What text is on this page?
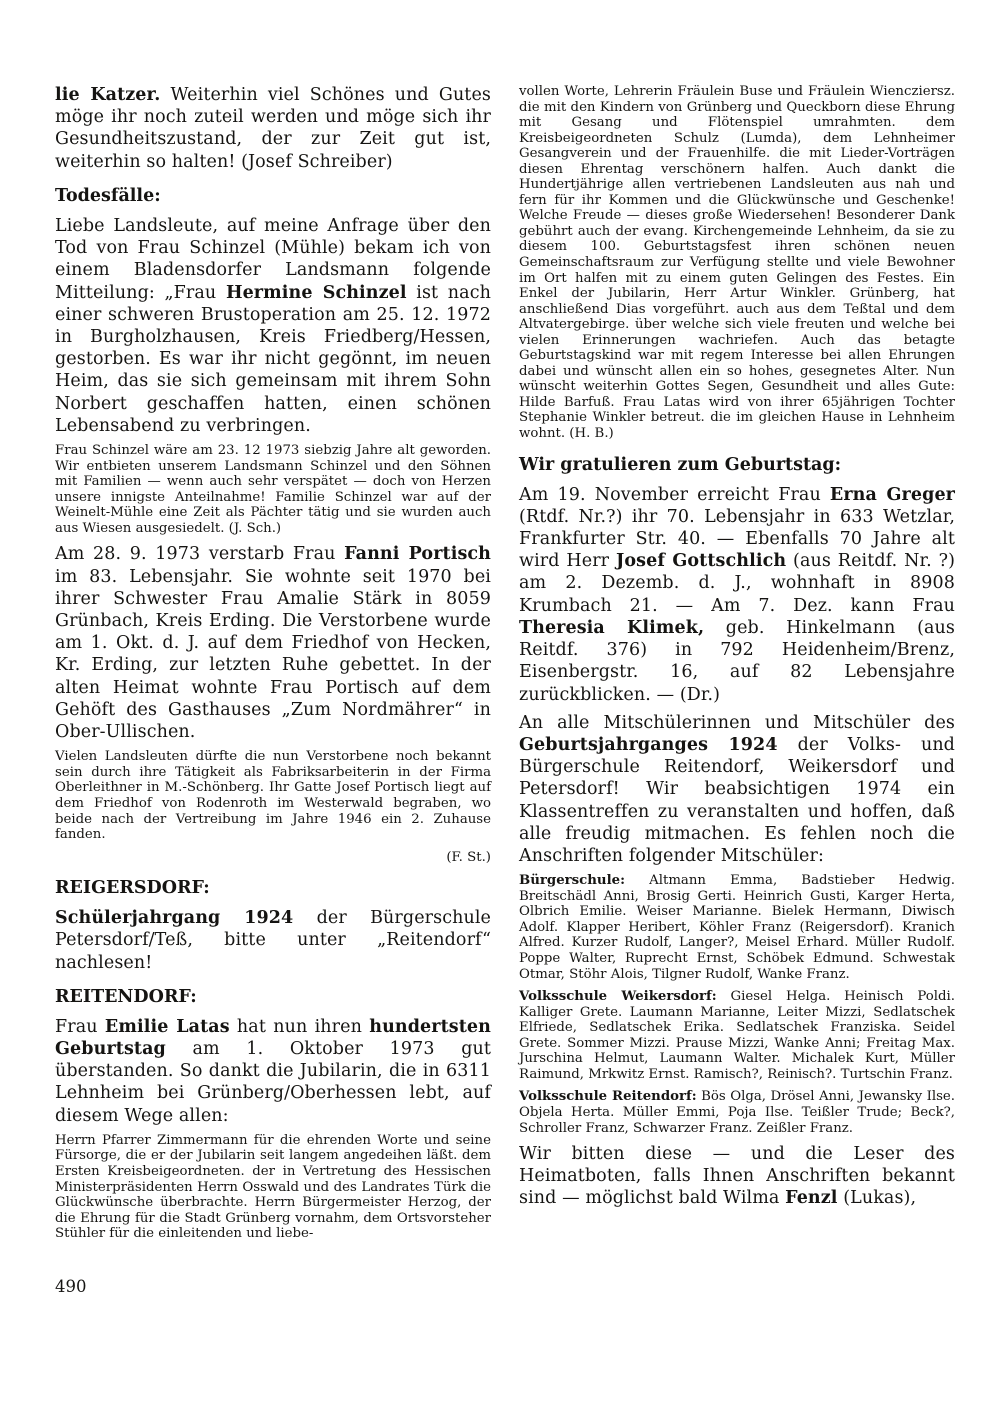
lie Katzer. Weiterhin viel Schönes und Gutes möge ihr noch zuteil werden und möge sich ihr Gesundheitszustand, der zur Zeit gut ist, weiterhin so halten! (Josef Schreiber)
Todesfälle:
Liebe Landsleute, auf meine Anfrage über den Tod von Frau Schinzel (Mühle) bekam ich von einem Bladensdorfer Landsmann folgende Mitteilung: „Frau Hermine Schinzel ist nach einer schweren Brustoperation am 25. 12. 1972 in Burgholzhausen, Kreis Friedberg/Hessen, gestorben. Es war ihr nicht gegönnt, im neuen Heim, das sie sich gemeinsam mit ihrem Sohn Norbert geschaffen hatten, einen schönen Lebensabend zu verbringen.
Frau Schinzel wäre am 23. 12 1973 siebzig Jahre alt geworden. Wir entbieten unserem Landsmann Schinzel und den Söhnen mit Familien — wenn auch sehr verspätet — doch von Herzen unsere innigste Anteilnahme! Familie Schinzel war auf der Weinelt-Mühle eine Zeit als Pächter tätig und sie wurden auch aus Wiesen ausgesiedelt. (J. Sch.)
Am 28. 9. 1973 verstarb Frau Fanni Portisch im 83. Lebensjahr. Sie wohnte seit 1970 bei ihrer Schwester Frau Amalie Stärk in 8059 Grünbach, Kreis Erding. Die Verstorbene wurde am 1. Okt. d. J. auf dem Friedhof von Hecken, Kr. Erding, zur letzten Ruhe gebettet. In der alten Heimat wohnte Frau Portisch auf dem Gehöft des Gasthauses „Zum Nordmährer“ in Ober-Ullischen.
Vielen Landsleuten dürfte die nun Verstorbene noch bekannt sein durch ihre Tätigkeit als Fabriksarbeiterin in der Firma Oberleithner in M.-Schönberg. Ihr Gatte Josef Portisch liegt auf dem Friedhof von Rodenroth im Westerwald begraben, wo beide nach der Vertreibung im Jahre 1946 ein 2. Zuhause fanden.
(F. St.)
REIGERSDORF:
Schülerjahrgang 1924 der Bürgerschule Petersdorf/Teß, bitte unter „Reitendorf“ nachlesen!
REITENDORF:
Frau Emilie Latas hat nun ihren hundertsten Geburtstag am 1. Oktober 1973 gut überstanden. So dankt die Jubilarin, die in 6311 Lehnheim bei Grünberg/Oberhessen lebt, auf diesem Wege allen:
Herrn Pfarrer Zimmermann für die ehrenden Worte und seine Fürsorge, die er der Jubilarin seit langem angedeihen läßt. dem Ersten Kreisbeigeordneten. der in Vertretung des Hessischen Ministerpräsidenten Herrn Osswald und des Landrates Türk die Glückwünsche überbrachte. Herrn Bürgermeister Herzog, der die Ehrung für die Stadt Grünberg vornahm, dem Ortsvorsteher Stühler für die einleitenden und liebe-
vollen Worte, Lehrerin Fräulein Buse und Fräulein Wiencziersz. die mit den Kindern von Grünberg und Queckborn diese Ehrung mit Gesang und Flötenspiel umrahmten. dem Kreisbeigeordneten Schulz (Lumda), dem Lehnheimer Gesangverein und der Frauenhilfe. die mit Lieder-Vorträgen diesen Ehrentag verschönern halfen. Auch dankt die Hundertjährige allen vertriebenen Landsleuten aus nah und fern für ihr Kommen und die Glückwünsche und Geschenke! Welche Freude — dieses große Wiedersehen! Besonderer Dank gebührt auch der evang. Kirchengemeinde Lehnheim, da sie zu diesem 100. Geburtstagsfest ihren schönen neuen Gemeinschaftsraum zur Verfügung stellte und viele Bewohner im Ort halfen mit zu einem guten Gelingen des Festes. Ein Enkel der Jubilarin, Herr Artur Winkler. Grünberg, hat anschließend Dias vorgeführt. auch aus dem Teßtal und dem Altvatergebirge. über welche sich viele freuten und welche bei vielen Erinnerungen wachriefen. Auch das betagte Geburtstagskind war mit regem Interesse bei allen Ehrungen dabei und wünscht allen ein so hohes, gesegnetes Alter. Nun wünscht weiterhin Gottes Segen, Gesundheit und alles Gute: Hilde Barfuß. Frau Latas wird von ihrer 65jährigen Tochter Stephanie Winkler betreut. die im gleichen Hause in Lehnheim wohnt. (H. B.)
Wir gratulieren zum Geburtstag:
Am 19. November erreicht Frau Erna Greger (Rtdf. Nr.?) ihr 70. Lebensjahr in 633 Wetzlar, Frankfurter Str. 40. — Ebenfalls 70 Jahre alt wird Herr Josef Gottschlich (aus Reitdf. Nr. ?) am 2. Dezemb. d. J., wohnhaft in 8908 Krumbach 21. — Am 7. Dez. kann Frau Theresia Klimek, geb. Hinkelmann (aus Reitdf. 376) in 792 Heidenheim/Brenz, Eisenbergstr. 16, auf 82 Lebensjahre zurückblicken. — (Dr.)
An alle Mitschülerinnen und Mitschüler des Geburtsjahrganges 1924 der Volks- und Bürgerschule Reitendorf, Weikersdorf und Petersdorf! Wir beabsichtigen 1974 ein Klassentreffen zu veranstalten und hoffen, daß alle freudig mitmachen. Es fehlen noch die Anschriften folgender Mitschüler:
Bürgerschule: Altmann Emma, Badstieber Hedwig. Breitschädl Anni, Brosig Gerti. Heinrich Gusti, Karger Herta, Olbrich Emilie. Weiser Marianne. Bielek Hermann, Diwisch Adolf. Klapper Heribert, Köhler Franz (Reigersdorf). Kranich Alfred. Kurzer Rudolf, Langer?, Meisel Erhard. Müller Rudolf. Poppe Walter, Ruprecht Ernst, Schöbek Edmund. Schwestak Otmar, Stöhr Alois, Tilgner Rudolf, Wanke Franz.
Volksschule Weikersdorf: Giesel Helga. Heinisch Poldi. Kalliger Grete. Laumann Marianne, Leiter Mizzi, Sedlatschek Elfriede, Sedlatschek Erika. Sedlatschek Franziska. Seidel Grete. Sommer Mizzi. Prause Mizzi, Wanke Anni; Freitag Max. Jurschina Helmut, Laumann Walter. Michalek Kurt, Müller Raimund, Mrkwitz Ernst. Ramisch?, Reinisch?. Turtschin Franz.
Volksschule Reitendorf: Bös Olga, Drösel Anni, Jewansky Ilse. Objela Herta. Müller Emmi, Poja Ilse. Teißler Trude; Beck?, Schroller Franz, Schwarzer Franz. Zeißler Franz.
Wir bitten diese — und die Leser des Heimatboten, falls Ihnen Anschriften bekannt sind — möglichst bald Wilma Fenzl (Lukas),
490
